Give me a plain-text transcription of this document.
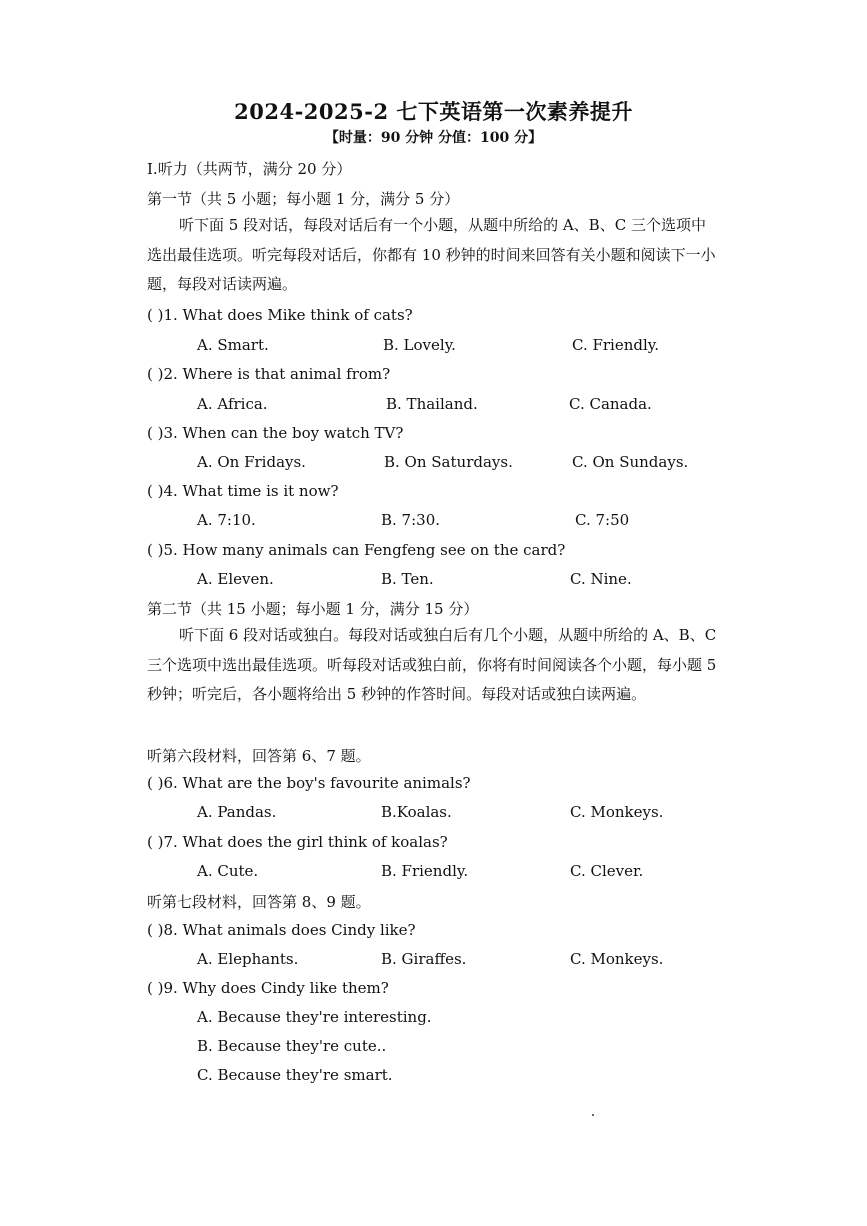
2024-2025-2 七下英语第一次素养提升
【时量：90 分钟 分值：100 分】
Ⅰ.听力（共两节，满分 20 分）
第一节（共 5 小题；每小题 1 分，满分 5 分）
听下面 5 段对话，每段对话后有一个小题，从题中所给的 A、B、C 三个选项中选出最佳选项。听完每段对话后，你都有 10 秒钟的时间来回答有关小题和阅读下一小题，每段对话读两遍。
( )1. What does Mike think of cats?
A. Smart.	B. Lovely.	C. Friendly.
( )2. Where is that animal from?
A. Africa.	B. Thailand.	C. Canada.
( )3. When can the boy watch TV?
A. On Fridays.	B. On Saturdays.	C. On Sundays.
( )4. What time is it now?
A. 7:10.	B. 7:30.	C. 7:50
( )5. How many animals can Fengfeng see on the card?
A. Eleven.	B. Ten.	C. Nine.
第二节（共 15 小题；每小题 1 分，满分 15 分）
听下面 6 段对话或独白。每段对话或独白后有几个小题，从题中所给的 A、B、C 三个选项中选出最佳选项。听每段对话或独白前，你将有时间阅读各个小题，每小题 5 秒钟；听完后，各小题将给出 5 秒钟的作答时间。每段对话或独白读两遍。
听第六段材料，回答第 6、7 题。
( )6. What are the boy's favourite animals?
A. Pandas.	B.Koalas.	C. Monkeys.
( )7. What does the girl think of koalas?
A. Cute.	B. Friendly.	C. Clever.
听第七段材料，回答第 8、9 题。
( )8. What animals does Cindy like?
A. Elephants.	B. Giraffes.	C. Monkeys.
( )9. Why does Cindy like them?
A. Because they're interesting.
B. Because they're cute..
C. Because they're smart.
